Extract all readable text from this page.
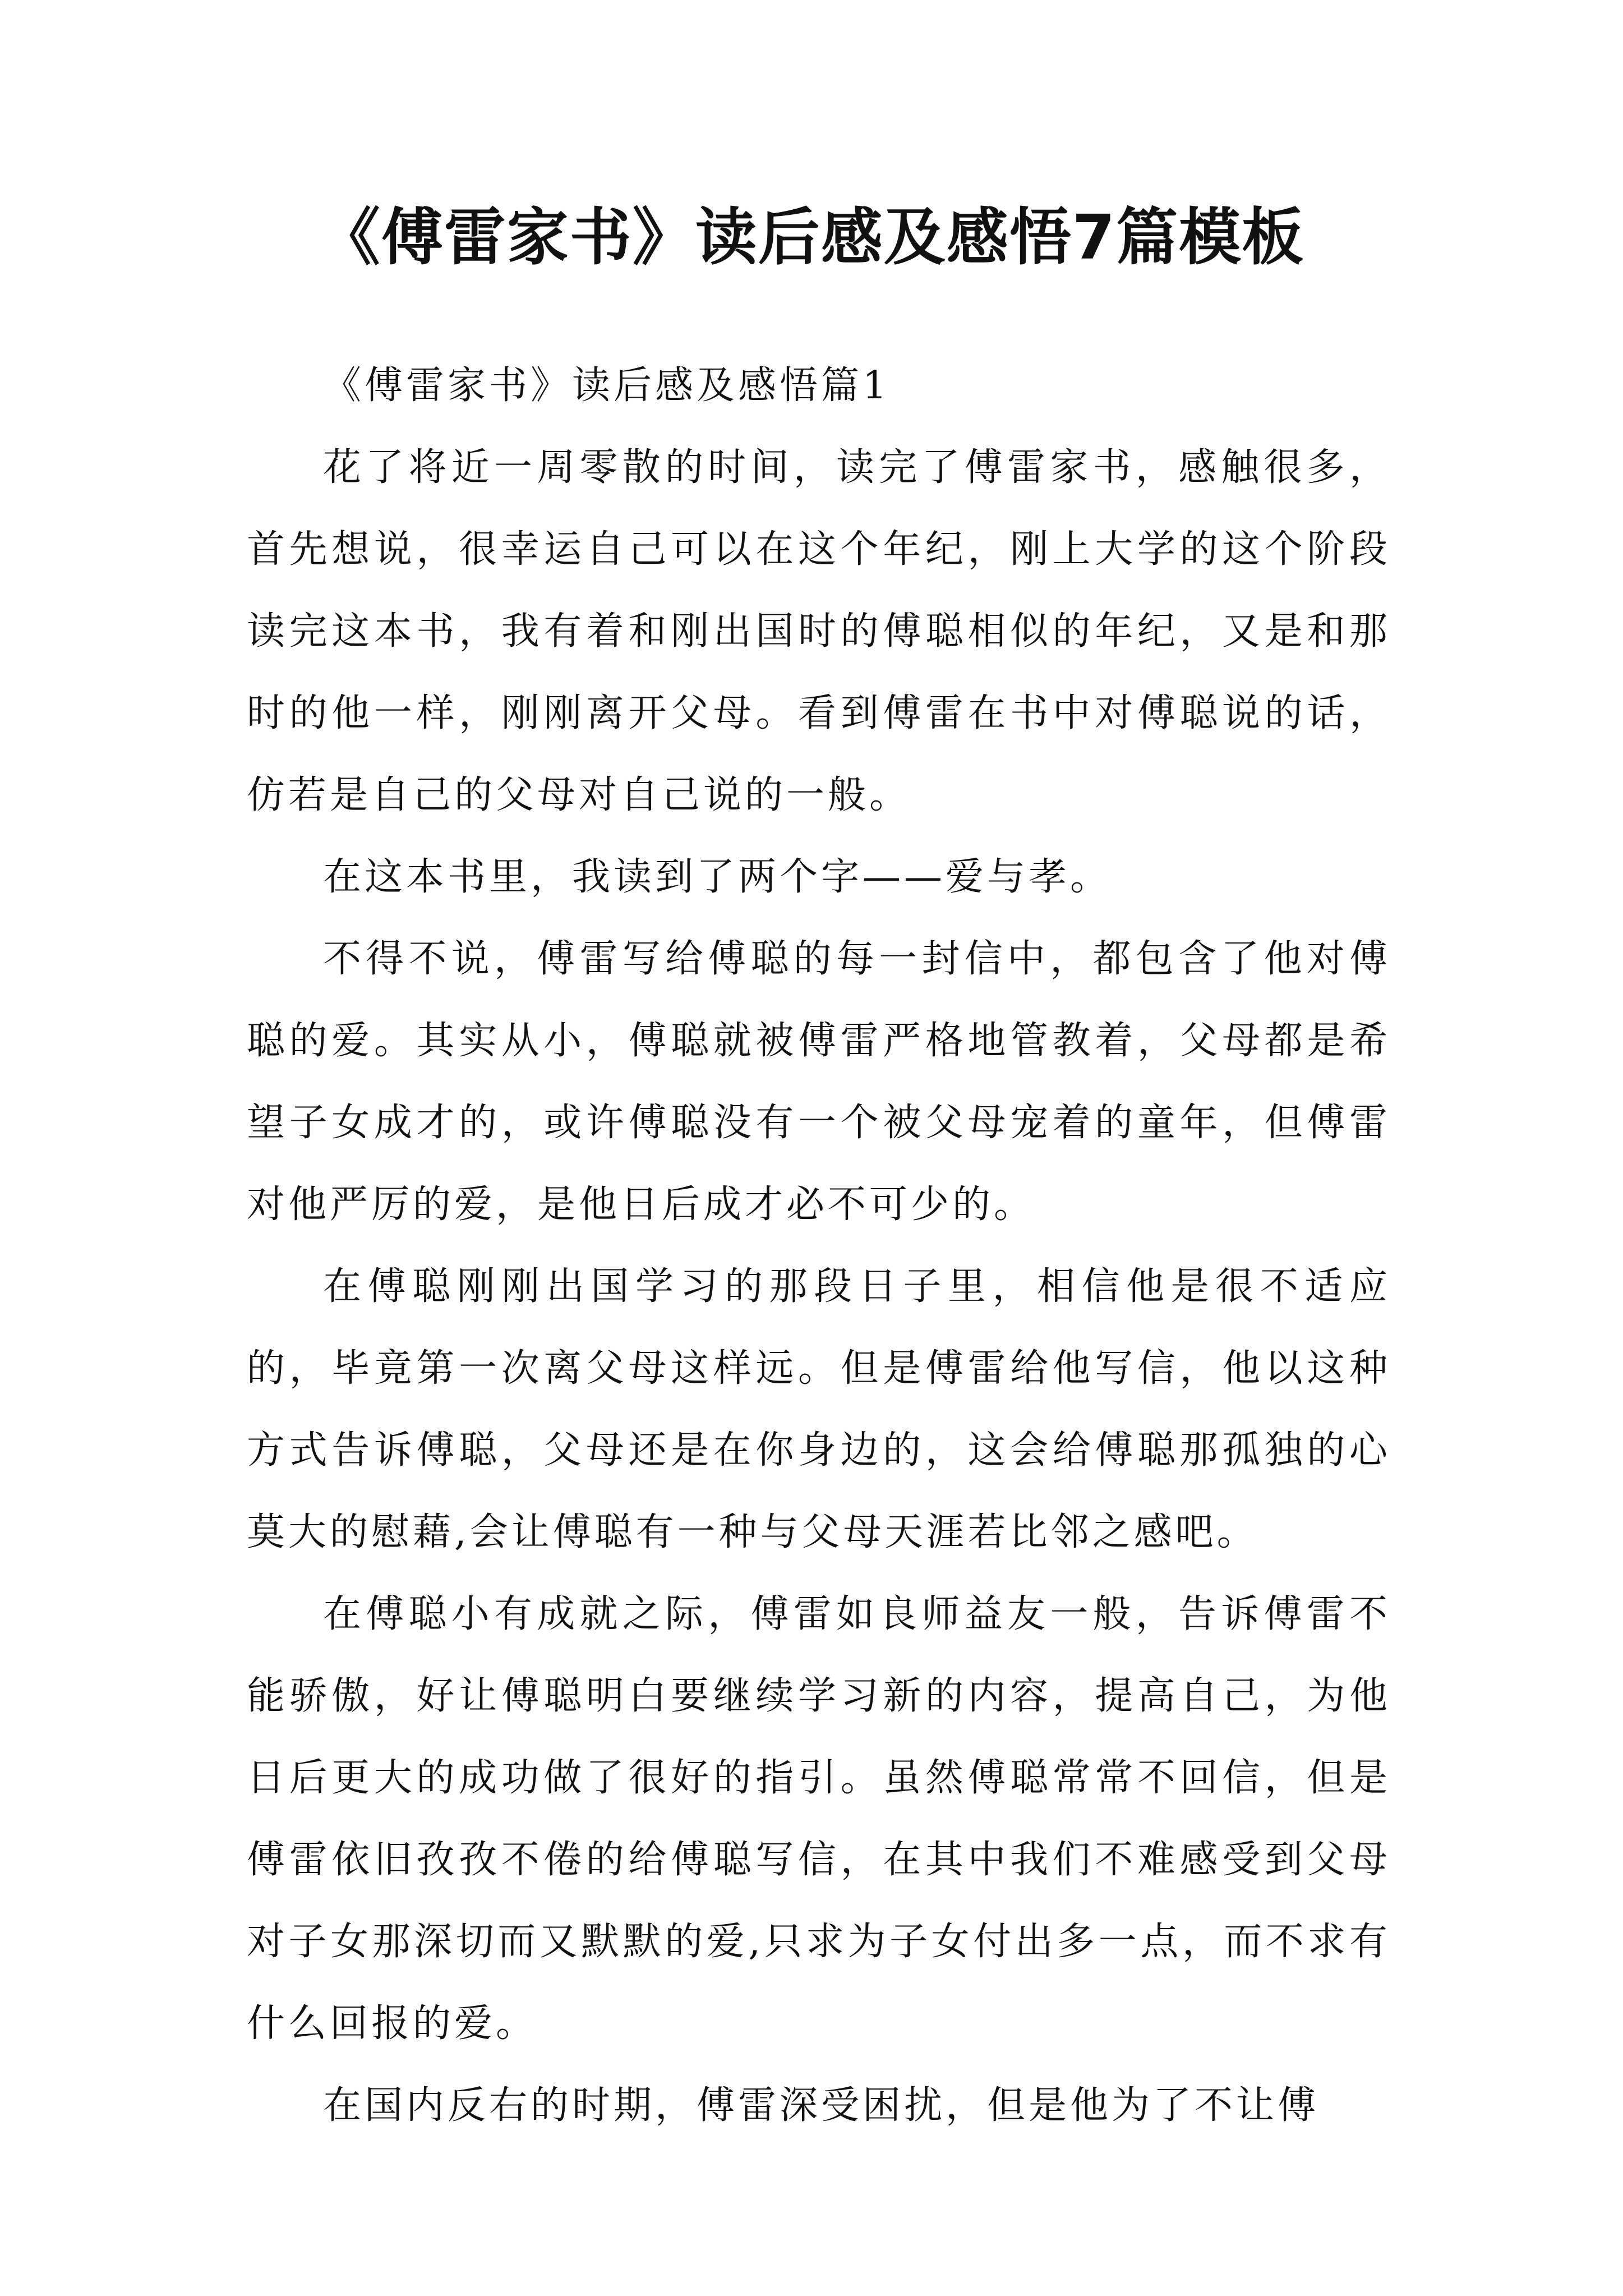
《傅雷家书》读后感及感悟7篇模板

《傅雷家书》读后感及感悟篇1

花了将近一周零散的时间，读完了傅雷家书，感触很多，首先想说，很幸运自己可以在这个年纪，刚上大学的这个阶段读完这本书，我有着和刚出国时的傅聪相似的年纪，又是和那时的他一样，刚刚离开父母。看到傅雷在书中对傅聪说的话，仿若是自己的父母对自己说的一般。

在这本书里，我读到了两个字——爱与孝。

不得不说，傅雷写给傅聪的每一封信中，都包含了他对傅聪的爱。其实从小，傅聪就被傅雷严格地管教着，父母都是希望子女成才的，或许傅聪没有一个被父母宠着的童年，但傅雷对他严厉的爱，是他日后成才必不可少的。

在傅聪刚刚出国学习的那段日子里，相信他是很不适应的，毕竟第一次离父母这样远。但是傅雷给他写信，他以这种方式告诉傅聪，父母还是在你身边的，这会给傅聪那孤独的心莫大的慰藉,会让傅聪有一种与父母天涯若比邻之感吧。

在傅聪小有成就之际，傅雷如良师益友一般，告诉傅雷不能骄傲，好让傅聪明白要继续学习新的内容，提高自己，为他日后更大的成功做了很好的指引。虽然傅聪常常不回信，但是傅雷依旧孜孜不倦的给傅聪写信，在其中我们不难感受到父母对子女那深切而又默默的爱,只求为子女付出多一点，而不求有什么回报的爱。

在国内反右的时期，傅雷深受困扰，但是他为了不让傅
